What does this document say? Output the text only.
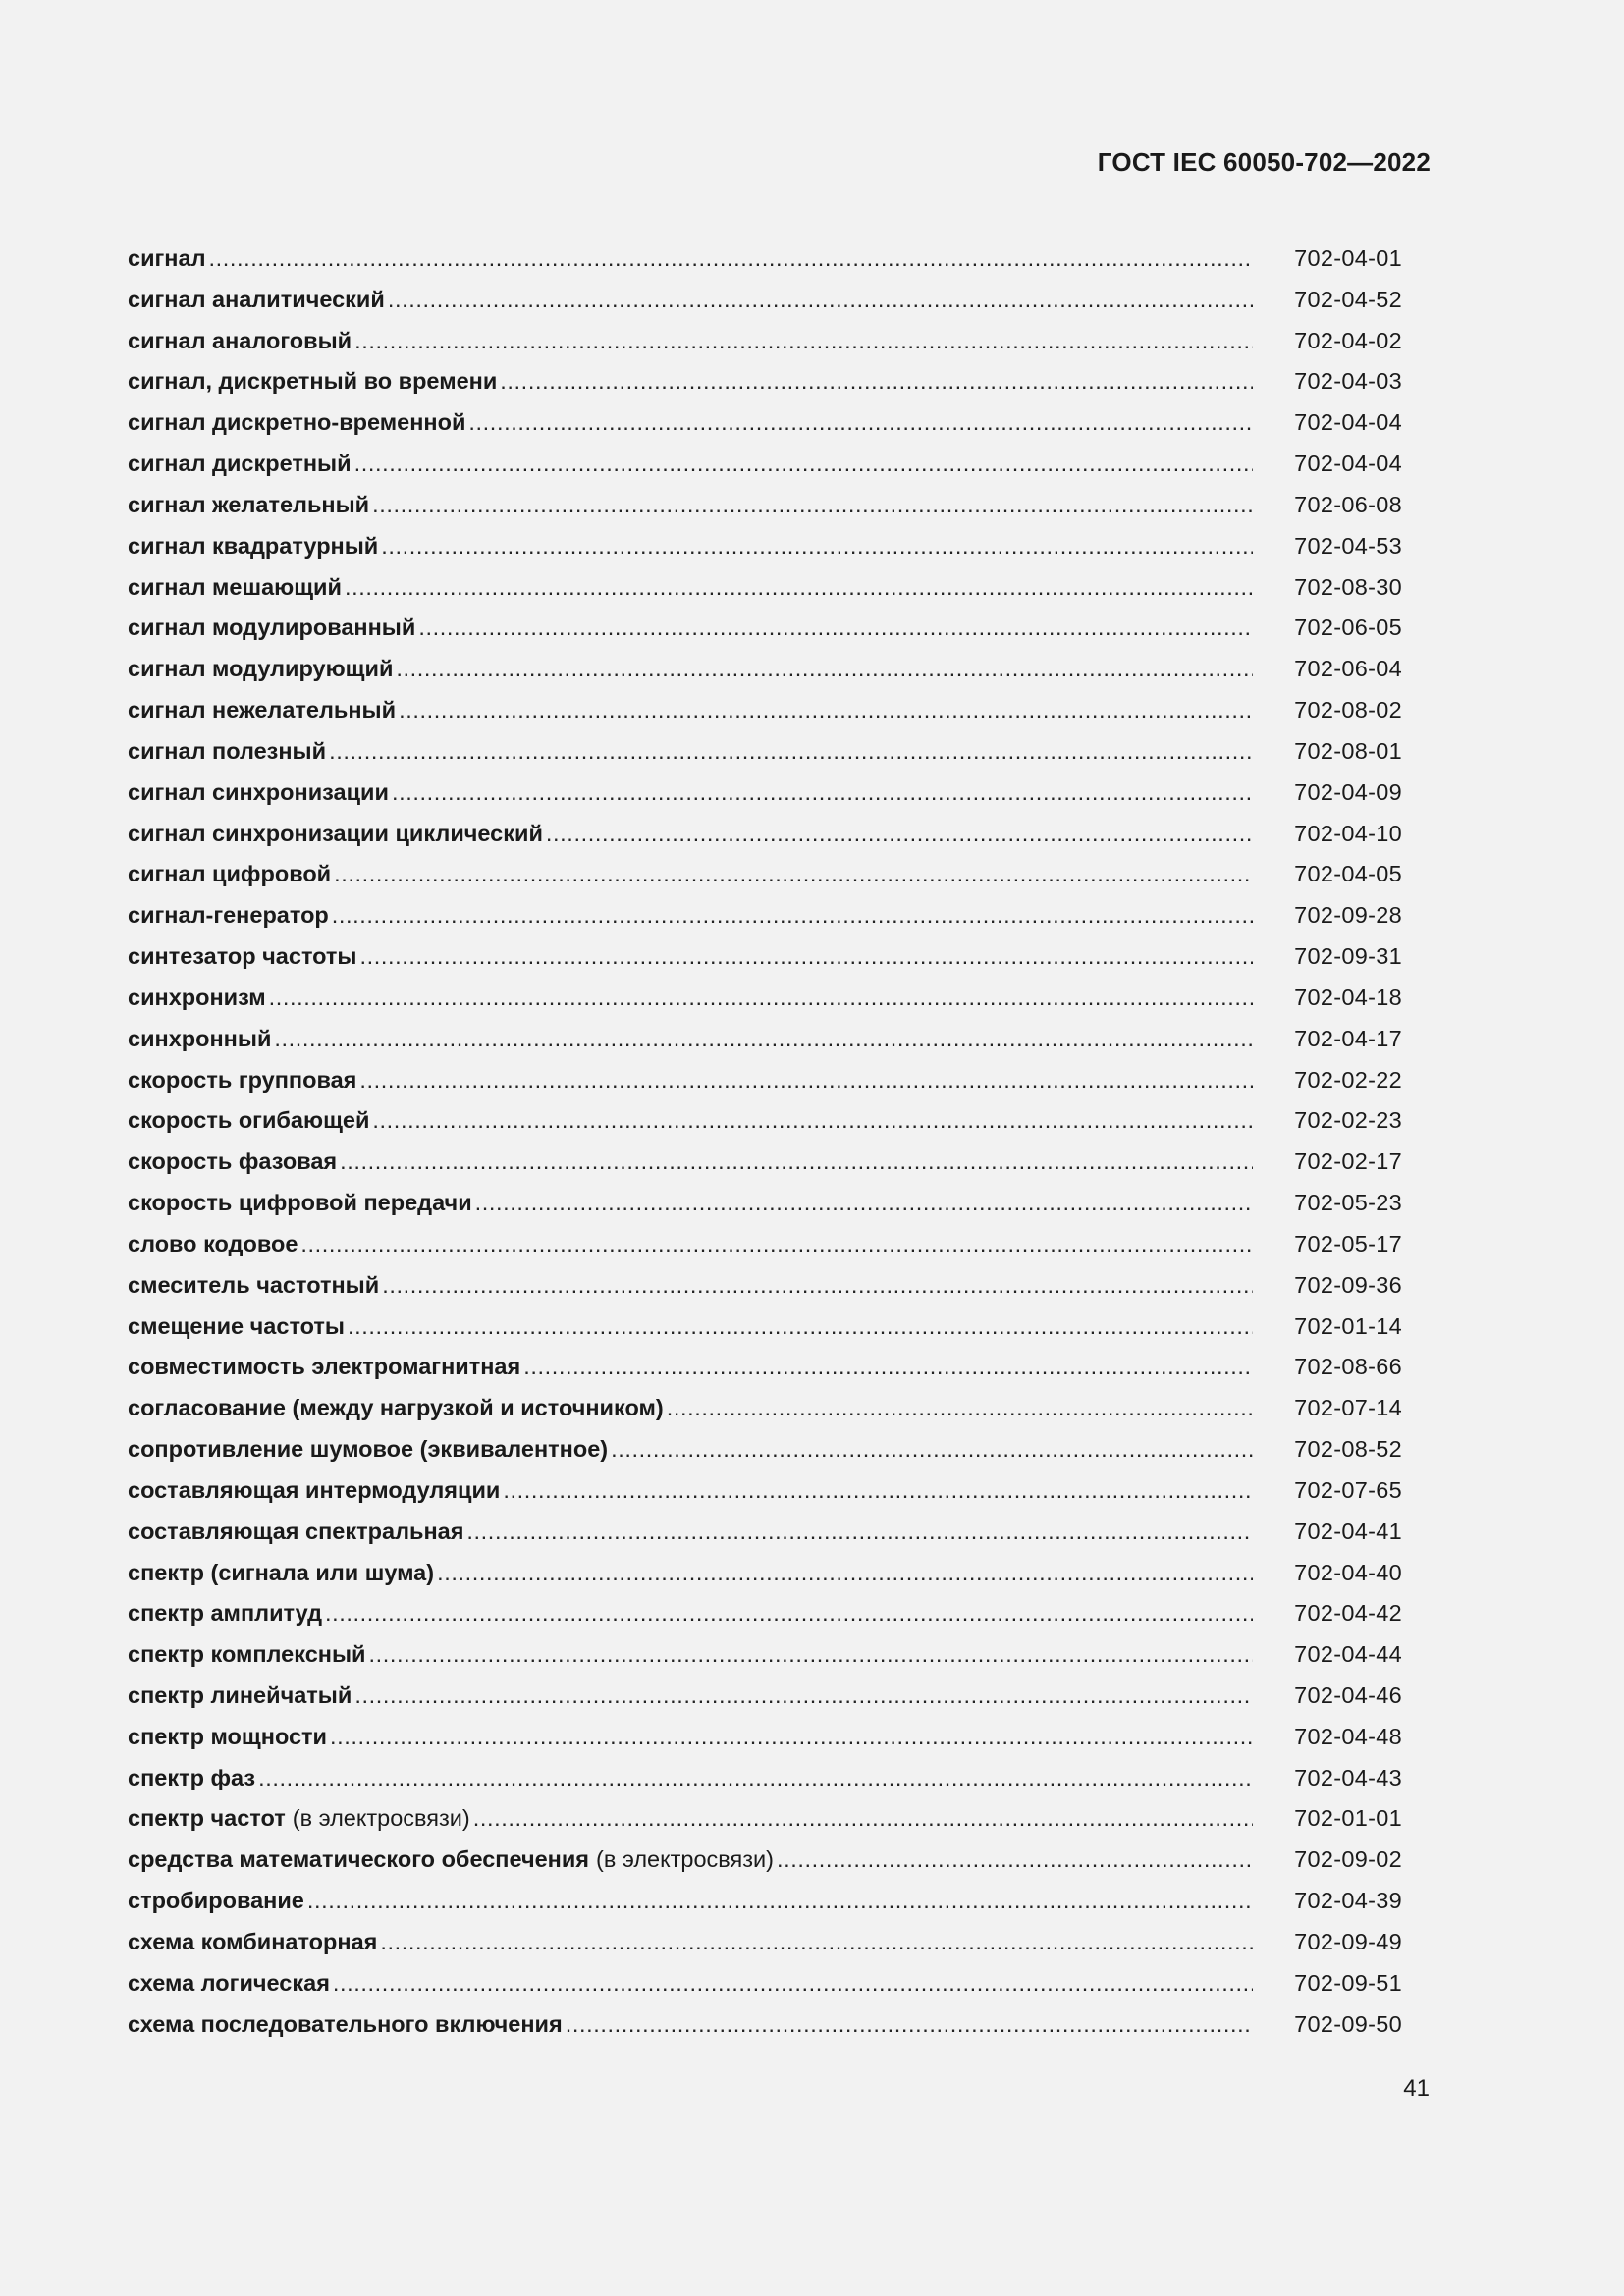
ГОСТ IEC 60050-702—2022
сигнал .....	702-04-01
сигнал аналитический .....	702-04-52
сигнал аналоговый .....	702-04-02
сигнал, дискретный во времени .....	702-04-03
сигнал дискретно-временной .....	702-04-04
сигнал дискретный .....	702-04-04
сигнал желательный .....	702-06-08
сигнал квадратурный .....	702-04-53
сигнал мешающий .....	702-08-30
сигнал модулированный .....	702-06-05
сигнал модулирующий .....	702-06-04
сигнал нежелательный .....	702-08-02
сигнал полезный .....	702-08-01
сигнал синхронизации .....	702-04-09
сигнал синхронизации циклический .....	702-04-10
сигнал цифровой .....	702-04-05
сигнал-генератор .....	702-09-28
синтезатор частоты .....	702-09-31
синхронизм .....	702-04-18
синхронный .....	702-04-17
скорость групповая .....	702-02-22
скорость огибающей .....	702-02-23
скорость фазовая .....	702-02-17
скорость цифровой передачи .....	702-05-23
слово кодовое .....	702-05-17
смеситель частотный .....	702-09-36
смещение частоты .....	702-01-14
совместимость электромагнитная .....	702-08-66
согласование (между нагрузкой и источником) .....	702-07-14
сопротивление шумовое (эквивалентное) .....	702-08-52
составляющая интермодуляции .....	702-07-65
составляющая спектральная .....	702-04-41
спектр (сигнала или шума) .....	702-04-40
спектр амплитуд .....	702-04-42
спектр комплексный .....	702-04-44
спектр линейчатый .....	702-04-46
спектр мощности .....	702-04-48
спектр фаз .....	702-04-43
спектр частот (в электросвязи) .....	702-01-01
средства математического обеспечения (в электросвязи) .....	702-09-02
стробирование .....	702-04-39
схема комбинаторная .....	702-09-49
схема логическая .....	702-09-51
схема последовательного включения .....	702-09-50
41
